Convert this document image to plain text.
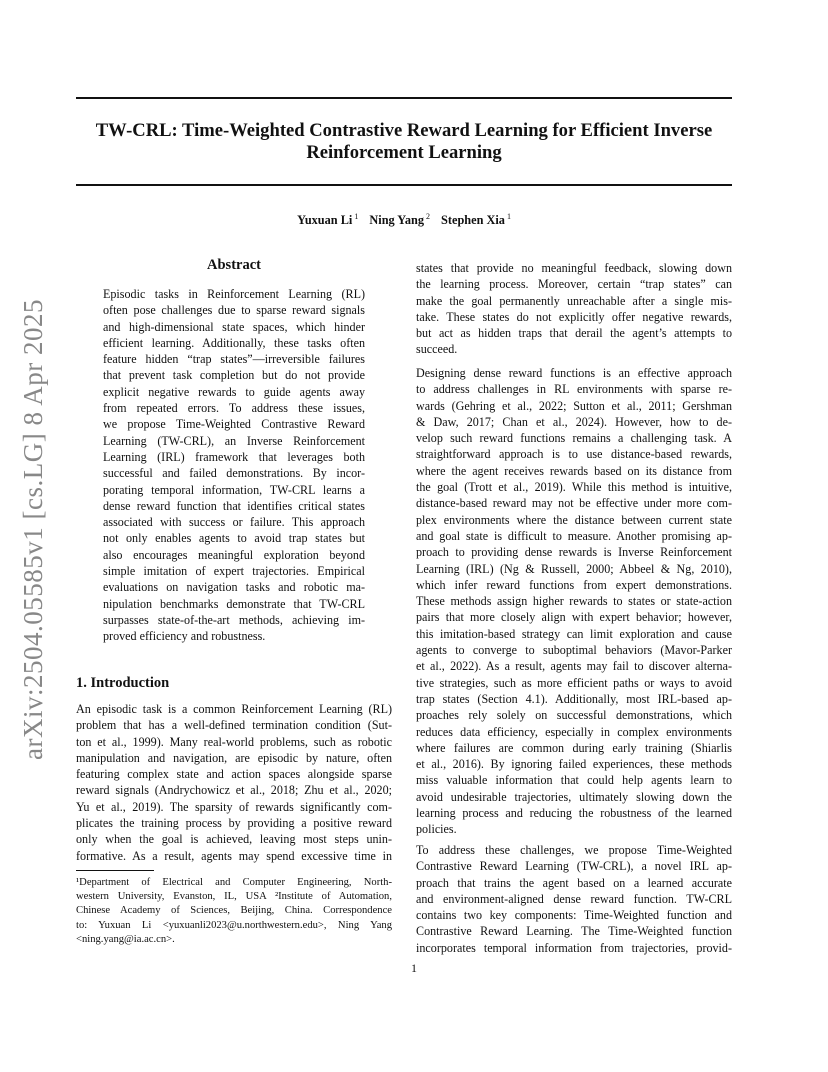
TW-CRL: Time-Weighted Contrastive Reward Learning for Efficient Inverse
Reinforcement Learning
Yuxuan Li $^1$ Ning Yang $^2$ Stephen Xia $^1$
arXiv:2504.05585v1 [cs.LG] 8 Apr 2025
Abstract
Episodic tasks in Reinforcement Learning (RL)
often pose challenges due to sparse reward signals
and high-dimensional state spaces, which hinder
efficient learning. Additionally, these tasks often
feature hidden “trap states”—irreversible failures
that prevent task completion but do not provide
explicit negative rewards to guide agents away
from repeated errors. To address these issues,
we propose Time-Weighted Contrastive Reward
Learning (TW-CRL), an Inverse Reinforcement
Learning (IRL) framework that leverages both
successful and failed demonstrations. By incor-
porating temporal information, TW-CRL learns a
dense reward function that identifies critical states
associated with success or failure. This approach
not only enables agents to avoid trap states but
also encourages meaningful exploration beyond
simple imitation of expert trajectories. Empirical
evaluations on navigation tasks and robotic ma-
nipulation benchmarks demonstrate that TW-CRL
surpasses state-of-the-art methods, achieving im-
proved efficiency and robustness.
1. Introduction
An episodic task is a common Reinforcement Learning (RL)
problem that has a well-defined termination condition (Sut-
ton et al., 1999). Many real-world problems, such as robotic
manipulation and navigation, are episodic by nature, often
featuring complex state and action spaces alongside sparse
reward signals (Andrychowicz et al., 2018; Zhu et al., 2020;
Yu et al., 2019). The sparsity of rewards significantly com-
plicates the training process by providing a positive reward
only when the goal is achieved, leaving most steps unin-
formative. As a result, agents may spend excessive time in
¹Department of Electrical and Computer Engineering, North-
western University, Evanston, IL, USA ²Institute of Automation,
Chinese Academy of Sciences, Beijing, China. Correspondence
to: Yuxuan Li <yuxuanli2023@u.northwestern.edu>, Ning Yang
<ning.yang@ia.ac.cn>.
states that provide no meaningful feedback, slowing down
the learning process. Moreover, certain “trap states” can
make the goal permanently unreachable after a single mis-
take. These states do not explicitly offer negative rewards,
but act as hidden traps that derail the agent’s attempts to
succeed.
Designing dense reward functions is an effective approach
to address challenges in RL environments with sparse re-
wards (Gehring et al., 2022; Sutton et al., 2011; Gershman
& Daw, 2017; Chan et al., 2024). However, how to de-
velop such reward functions remains a challenging task. A
straightforward approach is to use distance-based rewards,
where the agent receives rewards based on its distance from
the goal (Trott et al., 2019). While this method is intuitive,
distance-based reward may not be effective under more com-
plex environments where the distance between current state
and goal state is difficult to measure. Another promising ap-
proach to providing dense rewards is Inverse Reinforcement
Learning (IRL) (Ng & Russell, 2000; Abbeel & Ng, 2010),
which infer reward functions from expert demonstrations.
These methods assign higher rewards to states or state-action
pairs that more closely align with expert behavior; however,
this imitation-based strategy can limit exploration and cause
agents to converge to suboptimal behaviors (Mavor-Parker
et al., 2022). As a result, agents may fail to discover alterna-
tive strategies, such as more efficient paths or ways to avoid
trap states (Section 4.1). Additionally, most IRL-based ap-
proaches rely solely on successful demonstrations, which
reduces data efficiency, especially in complex environments
where failures are common during early training (Shiarlis
et al., 2016). By ignoring failed experiences, these methods
miss valuable information that could help agents learn to
avoid undesirable trajectories, ultimately slowing down the
learning process and reducing the robustness of the learned
policies.
To address these challenges, we propose Time-Weighted
Contrastive Reward Learning (TW-CRL), a novel IRL ap-
proach that trains the agent based on a learned accurate
and environment-aligned dense reward function. TW-CRL
contains two key components: Time-Weighted function and
Contrastive Reward Learning. The Time-Weighted function
incorporates temporal information from trajectories, provid-
1
